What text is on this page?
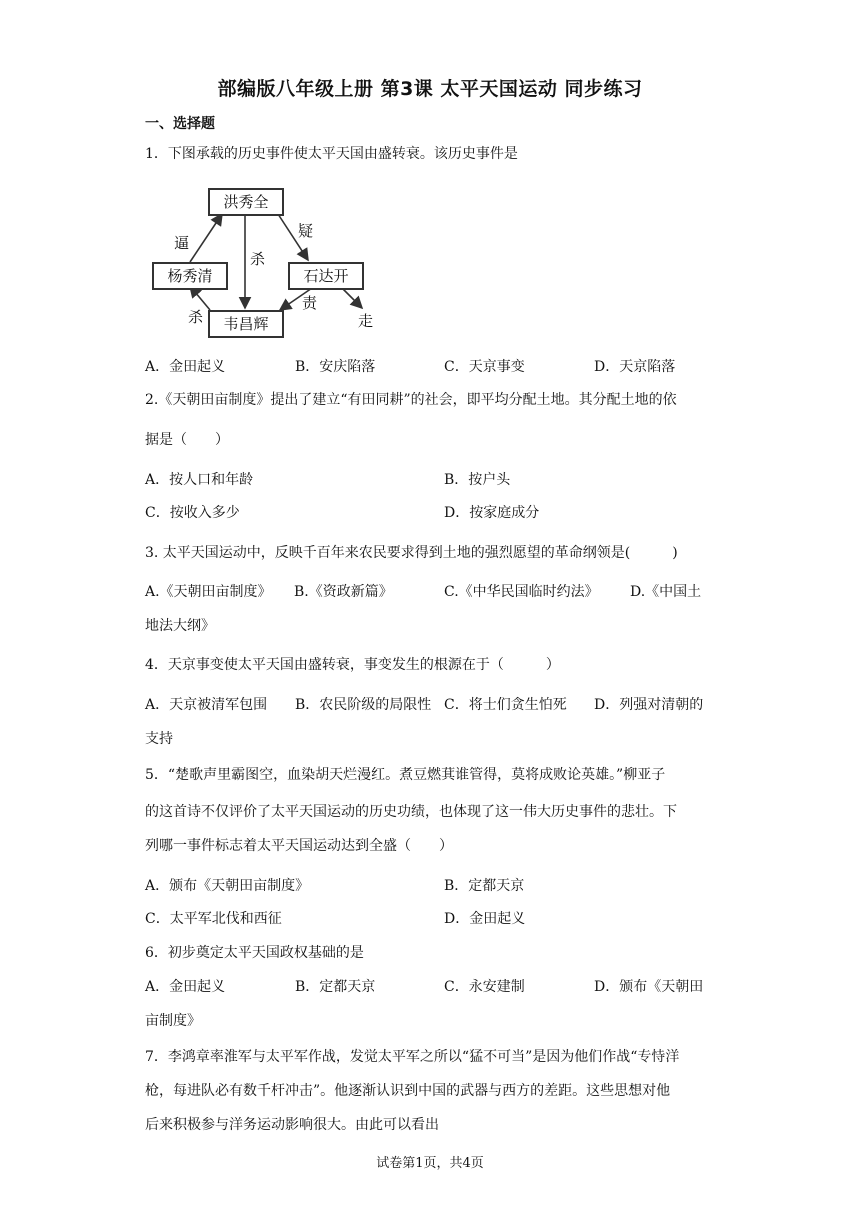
部编版八年级上册 第3课 太平天国运动 同步练习
一、选择题
1．下图承载的历史事件使太平天国由盛转衰。该历史事件是
洪秀全
杨秀清	石达开
韦昌辉
逼
杀
疑
责
杀	走
A．金田起义	B．安庆陷落	C．天京事变	D．天京陷落
2.《天朝田亩制度》提出了建立“有田同耕”的社会，即平均分配土地。其分配土地的依
据是（　　）
A．按人口和年龄	B．按户头
C．按收入多少	D．按家庭成分
3. 太平天国运动中，反映千百年来农民要求得到土地的强烈愿望的革命纲领是(　　　)
A.《天朝田亩制度》 B.《资政新篇》	C.《中华民国临时约法》 D.《中国土
地法大纲》
4．天京事变使太平天国由盛转衰，事变发生的根源在于（　　　）
A．天京被清军包围 B．农民阶级的局限性 C．将士们贪生怕死 D．列强对清朝的
支持
5．“楚歌声里霸图空，血染胡天烂漫红。煮豆燃萁谁管得，莫将成败论英雄。”柳亚子
的这首诗不仅评价了太平天国运动的历史功绩，也体现了这一伟大历史事件的悲壮。下
列哪一事件标志着太平天国运动达到全盛（　　）
A．颁布《天朝田亩制度》	B．定都天京
C．太平军北伐和西征	D．金田起义
6．初步奠定太平天国政权基础的是
A．金田起义	B．定都天京	C．永安建制	D．颁布《天朝田
亩制度》
7．李鸿章率淮军与太平军作战，发觉太平军之所以“猛不可当”是因为他们作战“专恃洋
枪，每进队必有数千杆冲击”。他逐渐认识到中国的武器与西方的差距。这些思想对他
后来积极参与洋务运动影响很大。由此可以看出
试卷第1页，共4页
